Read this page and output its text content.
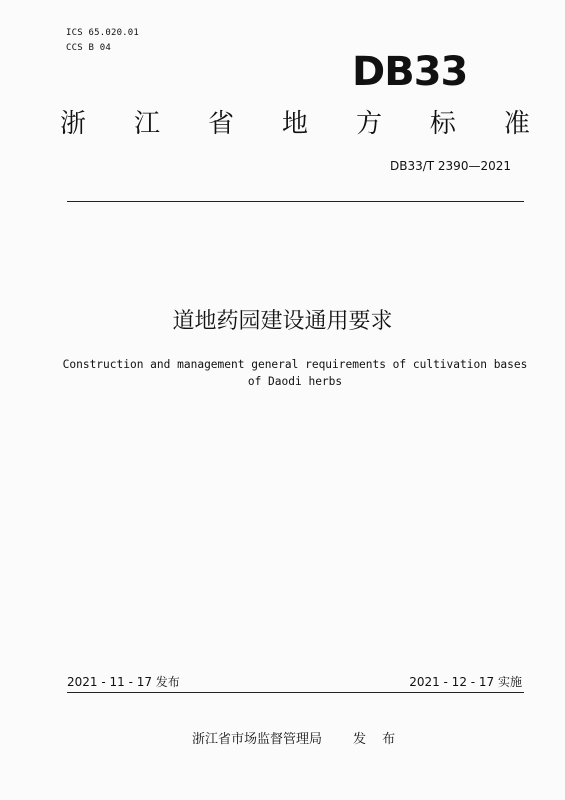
ICS 65.020.01
CCS B 04
DB33
浙 江 省 地 方 标 准
DB33/T 2390—2021
道地药园建设通用要求
Construction and management general requirements of cultivation bases
of Daodi herbs
2021 - 11 - 17 发布	2021 - 12 - 17 实施
浙江省市场监督管理局 发 布
